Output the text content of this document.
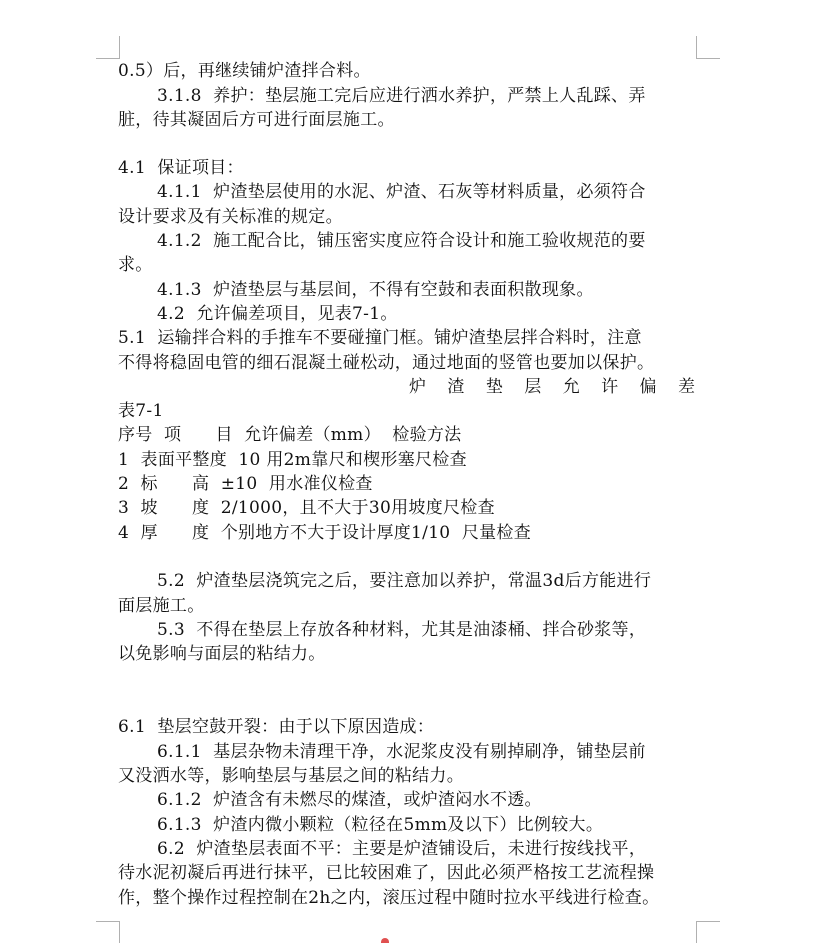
0.5）后，再继续铺炉渣拌合料。
3.1.8  养护：垫层施工完后应进行洒水养护，严禁上人乱踩、弄
脏，待其凝固后方可进行面层施工。
4.1  保证项目：
4.1.1  炉渣垫层使用的水泥、炉渣、石灰等材料质量，必须符合
设计要求及有关标准的规定。
4.1.2  施工配合比，铺压密实度应符合设计和施工验收规范的要
求。
4.1.3  炉渣垫层与基层间，不得有空鼓和表面积散现象。
4.2  允许偏差项目，见表7-1。
5.1  运输拌合料的手推车不要碰撞门框。铺炉渣垫层拌合料时，注意
不得将稳固电管的细石混凝土碰松动，通过地面的竖管也要加以保护。
炉 渣 垫 层 允 许 偏 差
表7-1
序号  项      目  允许偏差（mm）  检验方法
1  表面平整度  10 用2m靠尺和楔形塞尺检查
2  标      高  ±10  用水准仪检查
3  坡      度  2/1000，且不大于30用坡度尺检查
4  厚      度  个别地方不大于设计厚度1/10  尺量检查
5.2  炉渣垫层浇筑完之后，要注意加以养护，常温3d后方能进行
面层施工。
5.3  不得在垫层上存放各种材料，尤其是油漆桶、拌合砂浆等，
以免影响与面层的粘结力。
6.1  垫层空鼓开裂：由于以下原因造成：
6.1.1  基层杂物未清理干净，水泥浆皮没有剔掉刷净，铺垫层前
又没洒水等，影响垫层与基层之间的粘结力。
6.1.2  炉渣含有未燃尽的煤渣，或炉渣闷水不透。
6.1.3  炉渣内微小颗粒（粒径在5mm及以下）比例较大。
6.2  炉渣垫层表面不平：主要是炉渣铺设后，未进行按线找平，
待水泥初凝后再进行抹平，已比较困难了，因此必须严格按工艺流程操
作，整个操作过程控制在2h之内，滚压过程中随时拉水平线进行检查。
